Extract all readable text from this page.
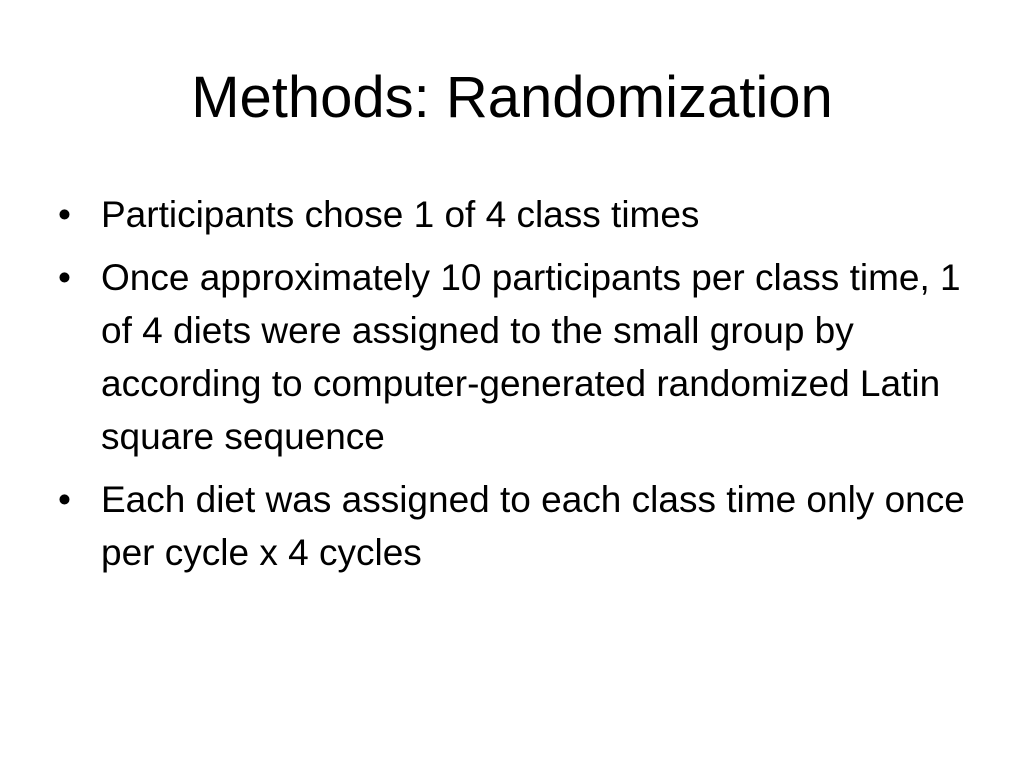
Methods: Randomization
• Participants chose 1 of 4 class times
• Once approximately 10 participants per class time, 1 of 4 diets were assigned to the small group by according to computer-generated randomized Latin square sequence
• Each diet was assigned to each class time only once per cycle x 4 cycles
